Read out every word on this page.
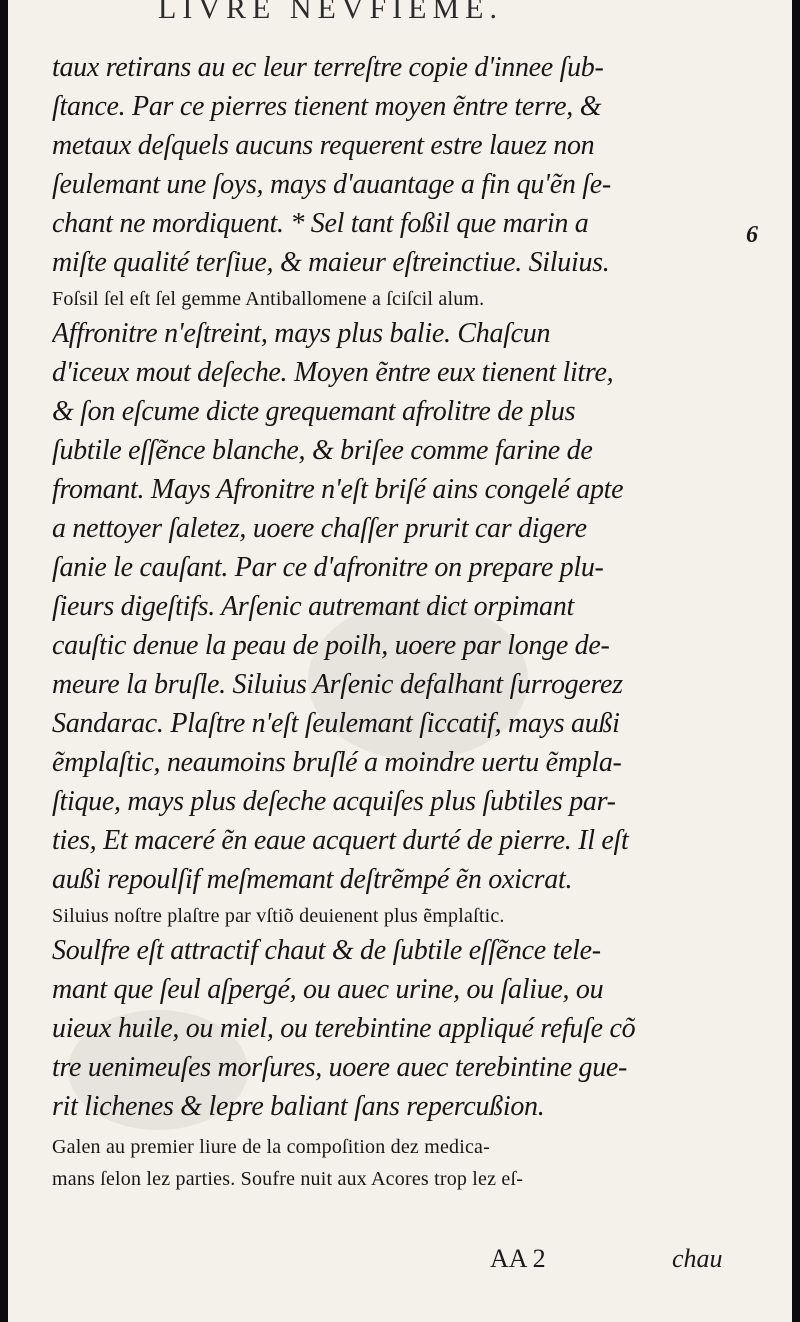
LIVRE NEVFIEME.
6
taux retirans au ec leur terreſtre copie d'innee ſub-
ſtance. Par ce pierres tienent moyen ẽntre terre, &
metaux deſquels aucuns requerent estre lauez non
ſeulemant une ſoys, mays d'auantage a fin qu'ẽn ſe-
chant ne mordiquent. * Sel tant foßil que marin a
miſte qualité terſiue, & maieur eſtreinctiue. Siluius.
Foſsil ſel eſt ſel gemme Antiballomene a ſciſcil alum.
Affronitre n'eſtreint, mays plus balie. Chaſcun
d'iceux mout deſeche. Moyen ẽntre eux tienent litre,
& ſon eſcume dicte grequemant afrolitre de plus
ſubtile eſſẽnce blanche, & briſee comme farine de
fromant. Mays Afronitre n'eſt briſé ains congelé apte
a nettoyer ſaletez, uoere chaſſer prurit car digere
ſanie le cauſant. Par ce d'afronitre on prepare plu-
ſieurs digeſtifs. Arſenic autremant dict orpimant
cauſtic denue la peau de poilh, uoere par longe de-
meure la bruſle. Siluius Arſenic defalhant ſurrogerez
Sandarac. Plaſtre n'eſt ſeulemant ſiccatif, mays außi
ẽmplaſtic, neaumoins bruſlé a moindre uertu ẽmpla-
ſtique, mays plus deſeche acquiſes plus ſubtiles par-
ties, Et maceré ẽn eaue acquert durté de pierre. Il eſt
außi repoulſif meſmemant deſtrẽmpé ẽn oxicrat.
Siluius noſtre plaſtre par vſtiõ deuienent plus ẽmplaſtic.
Soulfre eſt attractif chaut & de ſubtile eſſẽnce tele-
mant que ſeul aſpergé, ou auec urine, ou ſaliue, ou
uieux huile, ou miel, ou terebintine appliqué refuſe cõ
tre uenimeuſes morſures, uoere auec terebintine gue-
rit lichenes & lepre baliant ſans repercußion.
Galen au premier liure de la compoſition dez medica-
mans ſelon lez parties. Soufre nuit aux Acores trop lez eſ-
AA 2	chau
